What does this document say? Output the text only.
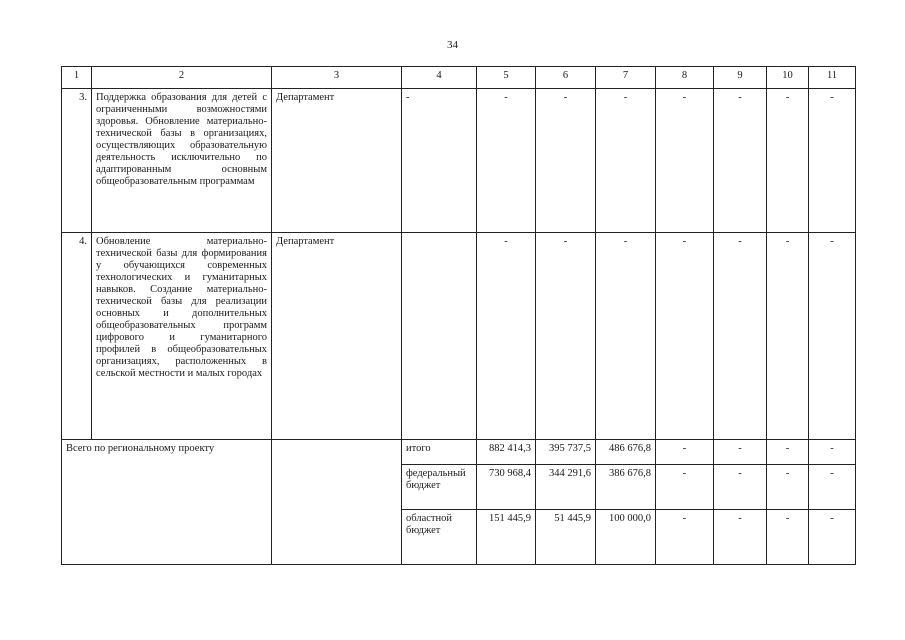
34
1	2	3	4	5	6	7	8	9	10	11
3.	Поддержка образования для детей с ограниченными возможностями здоровья. Обновление материально-технической базы в организациях, осуществляющих образовательную деятельность исключительно по адаптированным основным общеобразовательным программам	Департамент	-	-	-	-	-	-	-	-
4.	Обновление материально-технической базы для формирования у обучающихся современных технологических и гуманитарных навыков. Создание материально-технической базы для реализации основных и дополнительных общеобразовательных программ цифрового и гуманитарного профилей в общеобразовательных организациях, расположенных в сельской местности и малых городах	Департамент		-	-	-	-	-	-	-
Всего по региональному проекту			итого	882 414,3	395 737,5	486 676,8	-	-	-	-
			федеральный бюджет	730 968,4	344 291,6	386 676,8	-	-	-	-
			областной бюджет	151 445,9	51 445,9	100 000,0	-	-	-	-
